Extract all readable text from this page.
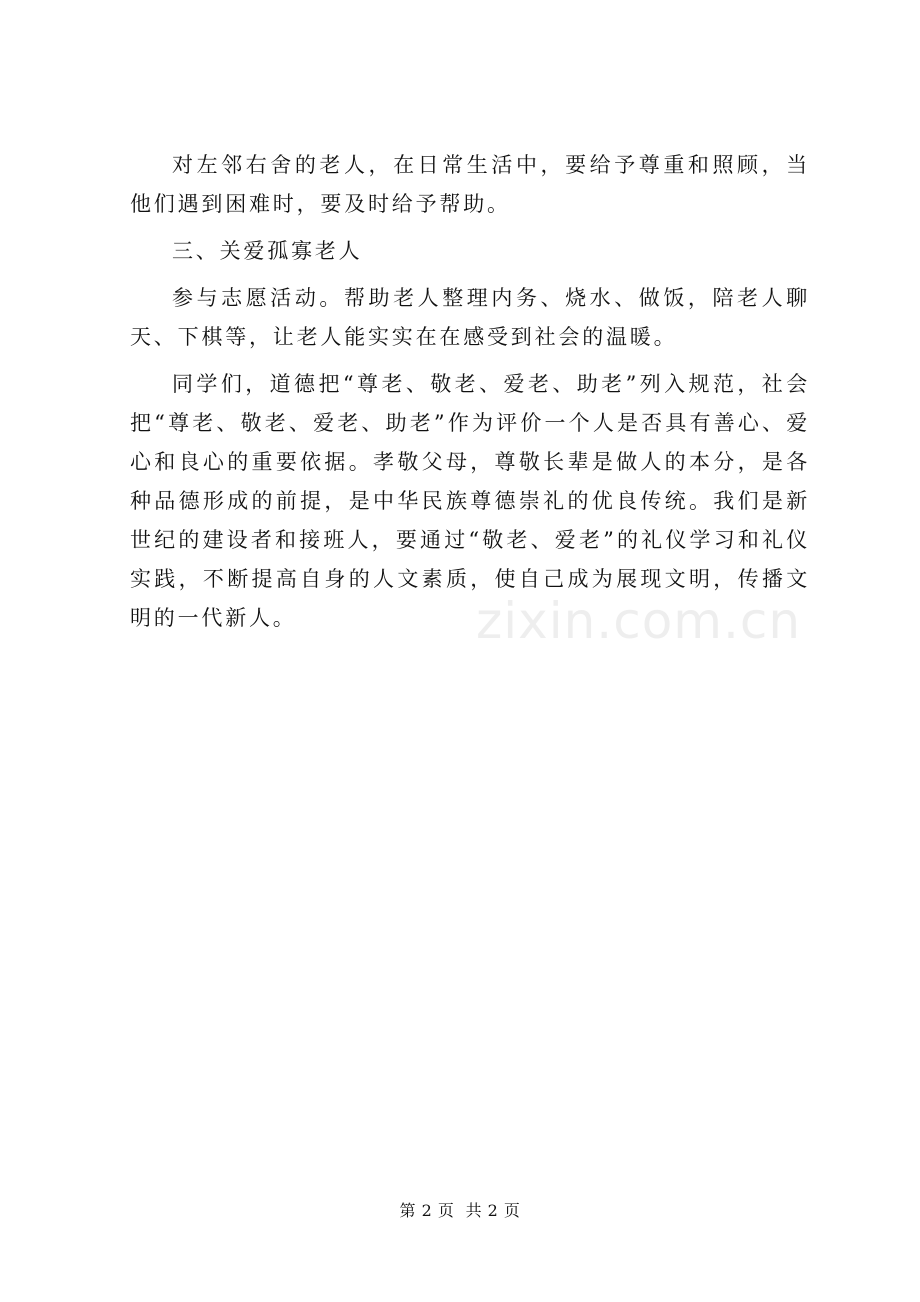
对左邻右舍的老人，在日常生活中，要给予尊重和照顾，当他们遇到困难时，要及时给予帮助。

三、关爱孤寡老人

参与志愿活动。帮助老人整理内务、烧水、做饭，陪老人聊天、下棋等，让老人能实实在在感受到社会的温暖。

同学们，道德把“尊老、敬老、爱老、助老”列入规范，社会把“尊老、敬老、爱老、助老”作为评价一个人是否具有善心、爱心和良心的重要依据。孝敬父母，尊敬长辈是做人的本分，是各种品德形成的前提，是中华民族尊德崇礼的优良传统。我们是新世纪的建设者和接班人，要通过“敬老、爱老”的礼仪学习和礼仪实践，不断提高自身的人文素质，使自己成为展现文明，传播文明的一代新人。	zixin.com.cn
第 2 页  共 2 页
